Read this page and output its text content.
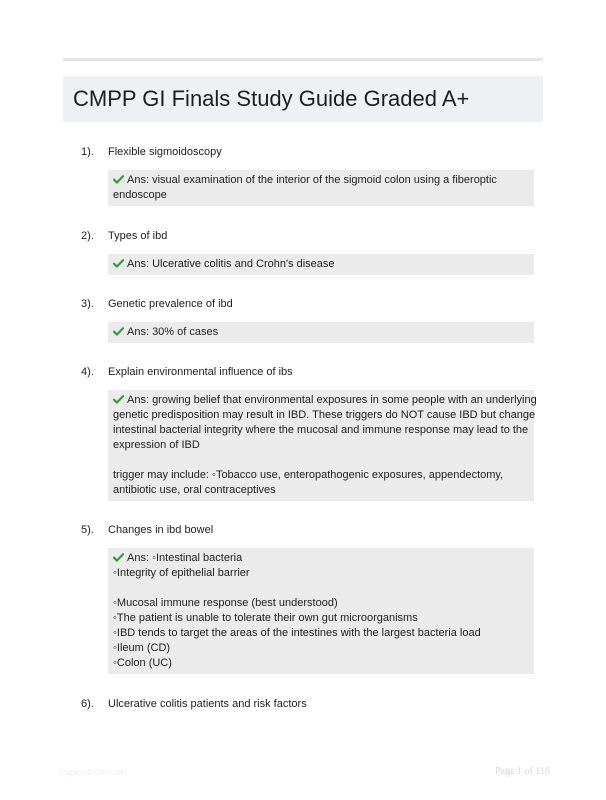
CMPP GI Finals Study Guide Graded A+
1). Flexible sigmoidoscopy
Ans: visual examination of the interior of the sigmoid colon using a fiberoptic
endoscope
2). Types of ibd
Ans: Ulcerative colitis and Crohn's disease
3). Genetic prevalence of ibd
Ans: 30% of cases
4). Explain environmental influence of ibs
Ans: growing belief that environmental exposures in some people with an underlying
genetic predisposition may result in IBD. These triggers do NOT cause IBD but change
intestinal bacterial integrity where the mucosal and immune response may lead to the
expression of IBD
trigger may include: ◦Tobacco use, enteropathogenic exposures, appendectomy,
antibiotic use, oral contraceptives
5). Changes in ibd bowel
Ans: ◦Intestinal bacteria
◦Integrity of epithelial barrier
◦Mucosal immune response (best understood)
◦The patient is unable to tolerate their own gut microorganisms
◦IBD tends to target the areas of the intestines with the largest bacteria load
◦Ileum (CD)
◦Colon (UC)
6). Ulcerative colitis patients and risk factors
Paperstudio.com	Page 1 of 116
